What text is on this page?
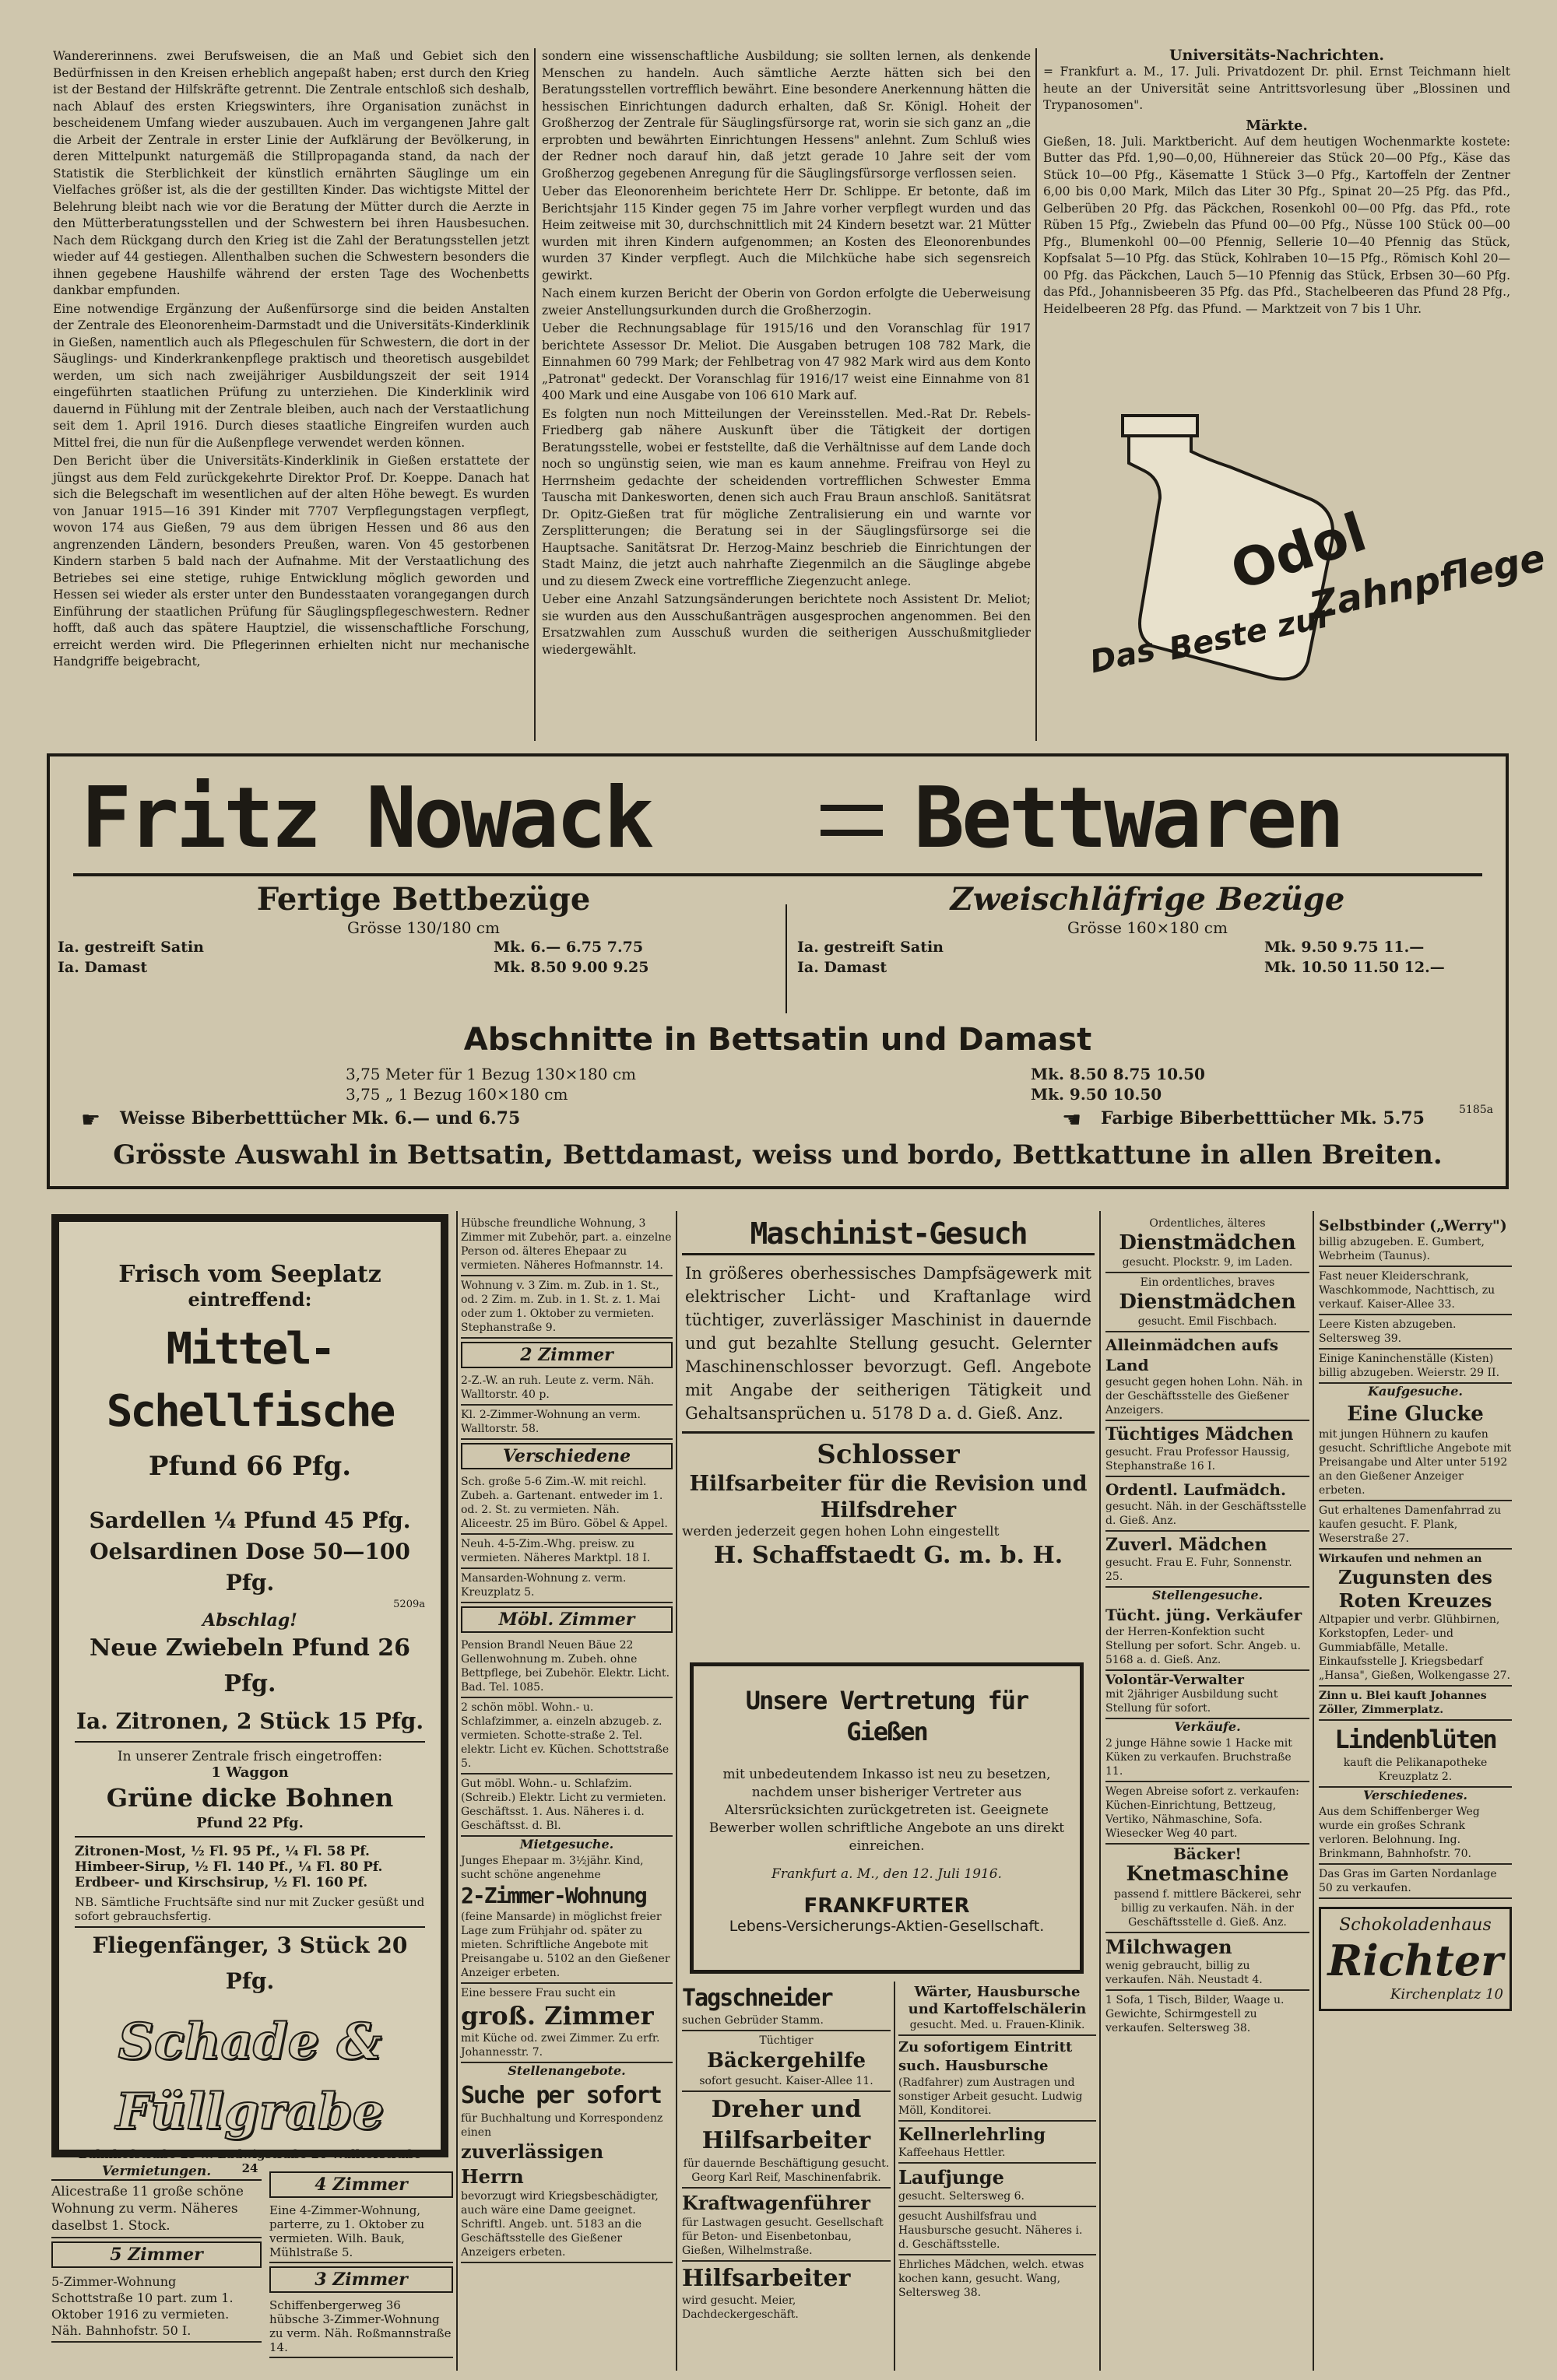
Wandererinnens. zwei Berufsweisen, die an Maß und Gebiet sich den Bedürfnissen in den Kreisen erheblich angepaßt haben; erst durch den Krieg ist der Bestand der Hilfskräfte getrennt. Die Zentrale entschloß sich deshalb, nach Ablauf des ersten Kriegswinters, ihre Organisation zunächst in bescheidenem Umfang wieder auszubauen. Auch im vergangenen Jahre galt die Arbeit der Zentrale in erster Linie der Aufklärung der Bevölkerung, in deren Mittelpunkt naturgemäß die Stillpropaganda stand, da nach der Statistik die Sterblichkeit der künstlich ernährten Säuglinge um ein Vielfaches größer ist, als die der gestillten Kinder. Das wichtigste Mittel der Belehrung bleibt nach wie vor die Beratung der Mütter durch die Aerzte in den Mütterberatungsstellen und der Schwestern bei ihren Hausbesuchen. Nach dem Rückgang durch den Krieg ist die Zahl der Beratungsstellen jetzt wieder auf 44 gestiegen. Allenthalben suchen die Schwestern besonders die ihnen gegebene Haushilfe während der ersten Tage des Wochenbetts dankbar empfunden.

Eine notwendige Ergänzung der Außenfürsorge sind die beiden Anstalten der Zentrale des Eleonorenheim-Darmstadt und die Universitäts-Kinderklinik in Gießen, namentlich auch als Pflegeschulen für Schwestern, die dort in der Säuglings- und Kinderkrankenpflege praktisch und theoretisch ausgebildet werden, um sich nach zweijähriger Ausbildungszeit der seit 1914 eingeführten staatlichen Prüfung zu unterziehen. Die Kinderklinik wird dauernd in Fühlung mit der Zentrale bleiben, auch nach der Verstaatlichung seit dem 1. April 1916. Durch dieses staatliche Eingreifen wurden auch Mittel frei, die nun für die Außenpflege verwendet werden können.

Den Bericht über die Universitäts-Kinderklinik in Gießen erstattete der jüngst aus dem Feld zurückgekehrte Direktor Prof. Dr. Koeppe. Danach hat sich die Belegschaft im wesentlichen auf der alten Höhe bewegt. Es wurden von Januar 1915—16 391 Kinder mit 7707 Verpflegungstagen verpflegt, wovon 174 aus Gießen, 79 aus dem übrigen Hessen und 86 aus den angrenzenden Ländern, besonders Preußen, waren. Von 45 gestorbenen Kindern starben 5 bald nach der Aufnahme. Mit der Verstaatlichung des Betriebes sei eine stetige, ruhige Entwicklung möglich geworden und Hessen sei wieder als erster unter den Bundesstaaten vorangegangen durch Einführung der staatlichen Prüfung für Säuglingspflegeschwestern. Redner hofft, daß auch das spätere Hauptziel, die wissenschaftliche Forschung, erreicht werden wird. Die Pflegerinnen erhielten nicht nur mechanische Handgriffe beigebracht,

sondern eine wissenschaftliche Ausbildung; sie sollten lernen, als denkende Menschen zu handeln. Auch sämtliche Aerzte hätten sich bei den Beratungsstellen vortrefflich bewährt. Eine besondere Anerkennung hätten die hessischen Einrichtungen dadurch erhalten, daß Sr. Königl. Hoheit der Großherzog der Zentrale für Säuglingsfürsorge rat, worin sie sich ganz an „die erprobten und bewährten Einrichtungen Hessens" anlehnt. Zum Schluß wies der Redner noch darauf hin, daß jetzt gerade 10 Jahre seit der vom Großherzog gegebenen Anregung für die Säuglingsfürsorge verflossen seien.

Ueber das Eleonorenheim berichtete Herr Dr. Schlippe. Er betonte, daß im Berichtsjahr 115 Kinder gegen 75 im Jahre vorher verpflegt wurden und das Heim zeitweise mit 30, durchschnittlich mit 24 Kindern besetzt war. 21 Mütter wurden mit ihren Kindern aufgenommen; an Kosten des Eleonorenbundes wurden 37 Kinder verpflegt. Auch die Milchküche habe sich segensreich gewirkt.

Nach einem kurzen Bericht der Oberin von Gordon erfolgte die Ueberweisung zweier Anstellungsurkunden durch die Großherzogin.

Ueber die Rechnungsablage für 1915/16 und den Voranschlag für 1917 berichtete Assessor Dr. Meliot. Die Ausgaben betrugen 108 782 Mark, die Einnahmen 60 799 Mark; der Fehlbetrag von 47 982 Mark wird aus dem Konto „Patronat" gedeckt. Der Voranschlag für 1916/17 weist eine Einnahme von 81 400 Mark und eine Ausgabe von 106 610 Mark auf.

Es folgten nun noch Mitteilungen der Vereinsstellen. Med.-Rat Dr. Rebels-Friedberg gab nähere Auskunft über die Tätigkeit der dortigen Beratungsstelle, wobei er feststellte, daß die Verhältnisse auf dem Lande doch noch so ungünstig seien, wie man es kaum annehme. Freifrau von Heyl zu Herrnsheim gedachte der scheidenden vortrefflichen Schwester Emma Tauscha mit Dankesworten, denen sich auch Frau Braun anschloß. Sanitätsrat Dr. Opitz-Gießen trat für mögliche Zentralisierung ein und warnte vor Zersplitterungen; die Beratung sei in der Säuglingsfürsorge sei die Hauptsache. Sanitätsrat Dr. Herzog-Mainz beschrieb die Einrichtungen der Stadt Mainz, die jetzt auch nahrhafte Ziegenmilch an die Säuglinge abgebe und zu diesem Zweck eine vortreffliche Ziegenzucht anlege.

Ueber eine Anzahl Satzungsänderungen berichtete noch Assistent Dr. Meliot; sie wurden aus den Ausschußanträgen ausgesprochen angenommen. Bei den Ersatzwahlen zum Ausschuß wurden die seitherigen Ausschußmitglieder wiedergewählt.

Universitäts-Nachrichten.

= Frankfurt a. M., 17. Juli. Privatdozent Dr. phil. Ernst Teichmann hielt heute an der Universität seine Antrittsvorlesung über „Blossinen und Trypanosomen".

Märkte.

Gießen, 18. Juli. Marktbericht. Auf dem heutigen Wochenmarkte kostete: Butter das Pfd. 1,90—0,00, Hühnereier das Stück 20—00 Pfg., Käse das Stück 10—00 Pfg., Käsematte 1 Stück 3—0 Pfg., Kartoffeln der Zentner 6,00 bis 0,00 Mark, Milch das Liter 30 Pfg., Spinat 20—25 Pfg. das Pfd., Gelberüben 20 Pfg. das Päckchen, Rosenkohl 00—00 Pfg. das Pfd., rote Rüben 15 Pfg., Zwiebeln das Pfund 00—00 Pfg., Nüsse 100 Stück 00—00 Pfg., Blumenkohl 00—00 Pfennig, Sellerie 10—40 Pfennig das Stück, Kopfsalat 5—10 Pfg. das Stück, Kohlraben 10—15 Pfg., Römisch Kohl 20—00 Pfg. das Päckchen, Lauch 5—10 Pfennig das Stück, Erbsen 30—60 Pfg. das Pfd., Johannisbeeren 35 Pfg. das Pfd., Stachelbeeren das Pfund 28 Pfg., Heidelbeeren 28 Pfg. das Pfund. — Marktzeit von 7 bis 1 Uhr.

Odol
Das Beste zur
Zahnpflege
Fritz Nowack	Bettwaren
Fertige Bettbezüge
Grösse 130/180 cm
Ia. gestreift Satin	Mk. 6.— 6.75 7.75
Ia. Damast	Mk. 8.50 9.00 9.25
Zweischläfrige Bezüge
Grösse 160×180 cm
Ia. gestreift Satin	Mk. 9.50 9.75 11.—
Ia. Damast	Mk. 10.50 11.50 12.—
Abschnitte in Bettsatin und Damast
3,75 Meter für 1 Bezug 130×180 cm	Mk. 8.50 8.75 10.50
3,75 „ 1 Bezug 160×180 cm	Mk. 9.50 10.50
☛ Weisse Biberbetttücher Mk. 6.— und 6.75	☚ Farbige Biberbetttücher Mk. 5.75	5185a
Grösste Auswahl in Bettsatin, Bettdamast, weiss und bordo, Bettkattune in allen Breiten.
Frisch vom Seeplatz
eintreffend:
Mittel-Schellfische
Pfund 66 Pfg.
Sardellen ¼ Pfund 45 Pfg.
Oelsardinen Dose 50—100 Pfg.
5209a
Abschlag!
Neue Zwiebeln Pfund 26 Pfg.
Ia. Zitronen, 2 Stück 15 Pfg.
In unserer Zentrale frisch eingetroffen:
1 Waggon
Grüne dicke Bohnen
Pfund 22 Pfg.
Zitronen-Most, ½ Fl. 95 Pf., ¼ Fl. 58 Pf.
Himbeer-Sirup, ½ Fl. 140 Pf., ¼ Fl. 80 Pf.
Erdbeer- und Kirschsirup, ½ Fl. 160 Pf.
NB. Sämtliche Fruchtsäfte sind nur mit Zucker gesüßt und sofort gebrauchsfertig.
Fliegenfänger, 3 Stück 20 Pfg.
Schade & Füllgrabe
Bahnhofstraße 25 ::: Ludwigstraße 20 Walltorstraße 24
Vermietungen.
Alicestraße 11 große schöne Wohnung zu verm. Näheres daselbst 1. Stock.
5 Zimmer
5-Zimmer-Wohnung Schottstraße 10 part. zum 1. Oktober 1916 zu vermieten. Näh. Bahnhofstr. 50 I.
Hübsche freundliche Wohnung, 3 Zimmer mit Zubehör, part. a. einzelne Person od. älteres Ehepaar zu vermieten. Näheres Hofmannstr. 14.
Wohnung v. 3 Zim. m. Zub. in 1. St., od. 2 Zim. m. Zub. in 1. St. z. 1. Mai oder zum 1. Oktober zu vermieten. Stephanstraße 9.
2 Zimmer
2-Z.-W. an ruh. Leute z. verm. Näh. Walltorstr. 40 p.
Kl. 2-Zimmer-Wohnung an verm. Walltorstr. 58.
Verschiedene
Sch. große 5-6 Zim.-W. mit reichl. Zubeh. a. Gartenant. entweder im 1. od. 2. St. zu vermieten. Näh. Aliceestr. 25 im Büro. Göbel & Appel.
Neuh. 4-5-Zim.-Whg. preisw. zu vermieten. Näheres Marktpl. 18 I.
Mansarden-Wohnung z. verm. Kreuzplatz 5.
Möbl. Zimmer
Pension Brandl Neuen Bäue 22 Gellenwohnung m. Zubeh. ohne Bettpflege, bei Zubehör. Elektr. Licht. Bad. Tel. 1085.
2 schön möbl. Wohn.- u. Schlafzimmer, a. einzeln abzugeb. z. vermieten. Schotte-straße 2. Tel. elektr. Licht ev. Küchen. Schottstraße 5.
Gut möbl. Wohn.- u. Schlafzim. (Schreib.) Elektr. Licht zu vermieten. Geschäftsst. 1. Aus. Näheres i. d. Geschäftsst. d. Bl.
Mietgesuche.
Junges Ehepaar m. 3½jähr. Kind, sucht schöne angenehme
2-Zimmer-Wohnung
(feine Mansarde) in möglichst freier Lage zum Frühjahr od. später zu mieten. Schriftliche Angebote mit Preisangabe u. 5102 an den Gießener Anzeiger erbeten.
Eine bessere Frau sucht ein
groß. Zimmer
mit Küche od. zwei Zimmer. Zu erfr. Johannesstr. 7.
Stellenangebote.
Suche per sofort
für Buchhaltung und Korrespondenz einen
zuverlässigen Herrn
bevorzugt wird Kriegsbeschädigter, auch wäre eine Dame geeignet. Schriftl. Angeb. unt. 5183 an die Geschäftsstelle des Gießener Anzeigers erbeten.
4 Zimmer
Eine 4-Zimmer-Wohnung, parterre, zu 1. Oktober zu vermieten. Wilh. Bauk, Mühlstraße 5.
3 Zimmer
Schiffenbergerweg 36 hübsche 3-Zimmer-Wohnung zu verm. Näh. Roßmannstraße 14.
Maschinist-Gesuch
In größeres oberhessisches Dampfsägewerk mit elektrischer Licht- und Kraftanlage wird tüchtiger, zuverlässiger Maschinist in dauernde und gut bezahlte Stellung gesucht. Gelernter Maschinenschlosser bevorzugt. Gefl. Angebote mit Angabe der seitherigen Tätigkeit und Gehaltsansprüchen u. 5178 D a. d. Gieß. Anz.
Schlosser
Hilfsarbeiter für die Revision und Hilfsdreher
werden jederzeit gegen hohen Lohn eingestellt
H. Schaffstaedt G. m. b. H.
Unsere Vertretung für Gießen
mit unbedeutendem Inkasso ist neu zu besetzen, nachdem unser bisheriger Vertreter aus Altersrücksichten zurückgetreten ist. Geeignete Bewerber wollen schriftliche Angebote an uns direkt einreichen.
Frankfurt a. M., den 12. Juli 1916.
FRANKFURTER
Lebens-Versicherungs-Aktien-Gesellschaft.
Tagschneider
suchen Gebrüder Stamm.
Tüchtiger
Bäckergehilfe
sofort gesucht. Kaiser-Allee 11.
Dreher und Hilfsarbeiter
für dauernde Beschäftigung gesucht. Georg Karl Reif, Maschinenfabrik.
Kraftwagenführer
für Lastwagen gesucht. Gesellschaft für Beton- und Eisenbetonbau, Gießen, Wilhelmstraße.
Hilfsarbeiter
wird gesucht. Meier, Dachdeckergeschäft.
Wärter, Hausbursche und Kartoffelschälerin
gesucht. Med. u. Frauen-Klinik.
Zu sofortigem Eintritt such. Hausbursche
(Radfahrer) zum Austragen und sonstiger Arbeit gesucht. Ludwig Möll, Konditorei.
Kellnerlehrling
Kaffeehaus Hettler.
Laufjunge
gesucht. Seltersweg 6.
gesucht Aushilfsfrau und Hausbursche gesucht. Näheres i. d. Geschäftsstelle.
Ehrliches Mädchen, welch. etwas kochen kann, gesucht. Wang, Seltersweg 38.
Ordentliches, älteres
Dienstmädchen
gesucht. Plockstr. 9, im Laden.
Ein ordentliches, braves
Dienstmädchen
gesucht. Emil Fischbach.
Alleinmädchen aufs Land
gesucht gegen hohen Lohn. Näh. in der Geschäftsstelle des Gießener Anzeigers.
Tüchtiges Mädchen
gesucht. Frau Professor Haussig, Stephanstraße 16 I.
Ordentl. Laufmädch.
gesucht. Näh. in der Geschäftsstelle d. Gieß. Anz.
Zuverl. Mädchen
gesucht. Frau E. Fuhr, Sonnenstr. 25.
Stellengesuche.
Tücht. jüng. Verkäufer
der Herren-Konfektion sucht Stellung per sofort. Schr. Angeb. u. 5168 a. d. Gieß. Anz.
Volontär-Verwalter
mit 2jähriger Ausbildung sucht Stellung für sofort.
Verkäufe.
2 junge Hähne sowie 1 Hacke mit Küken zu verkaufen. Bruchstraße 11.
Wegen Abreise sofort z. verkaufen: Küchen-Einrichtung, Bettzeug, Vertiko, Nähmaschine, Sofa. Wiesecker Weg 40 part.
Bäcker!
Knetmaschine
passend f. mittlere Bäckerei, sehr billig zu verkaufen. Näh. in der Geschäftsstelle d. Gieß. Anz.
Milchwagen
wenig gebraucht, billig zu verkaufen. Näh. Neustadt 4.
1 Sofa, 1 Tisch, Bilder, Waage u. Gewichte, Schirmgestell zu verkaufen. Seltersweg 38.
Selbstbinder („Werry")
billig abzugeben. E. Gumbert, Webrheim (Taunus).
Fast neuer Kleiderschrank, Waschkommode, Nachttisch, zu verkauf. Kaiser-Allee 33.
Leere Kisten abzugeben. Seltersweg 39.
Einige Kaninchenställe (Kisten) billig abzugeben. Weierstr. 29 II.
Kaufgesuche.
Eine Glucke
mit jungen Hühnern zu kaufen gesucht. Schriftliche Angebote mit Preisangabe und Alter unter 5192 an den Gießener Anzeiger erbeten.
Gut erhaltenes Damenfahrrad zu kaufen gesucht. F. Plank, Weserstraße 27.
Wirkaufen und nehmen an
Zugunsten des Roten Kreuzes
Altpapier und verbr. Glühbirnen, Korkstopfen, Leder- und Gummiabfälle, Metalle. Einkaufsstelle J. Kriegsbedarf „Hansa", Gießen, Wolkengasse 27.
Zinn u. Blei kauft Johannes Zöller, Zimmerplatz.
Lindenblüten
kauft die Pelikanapotheke Kreuzplatz 2.
Verschiedenes.
Aus dem Schiffenberger Weg wurde ein großes Schrank verloren. Belohnung. Ing. Brinkmann, Bahnhofstr. 70.
Das Gras im Garten Nordanlage 50 zu verkaufen.
Schokoladenhaus
Richter
Kirchenplatz 10
